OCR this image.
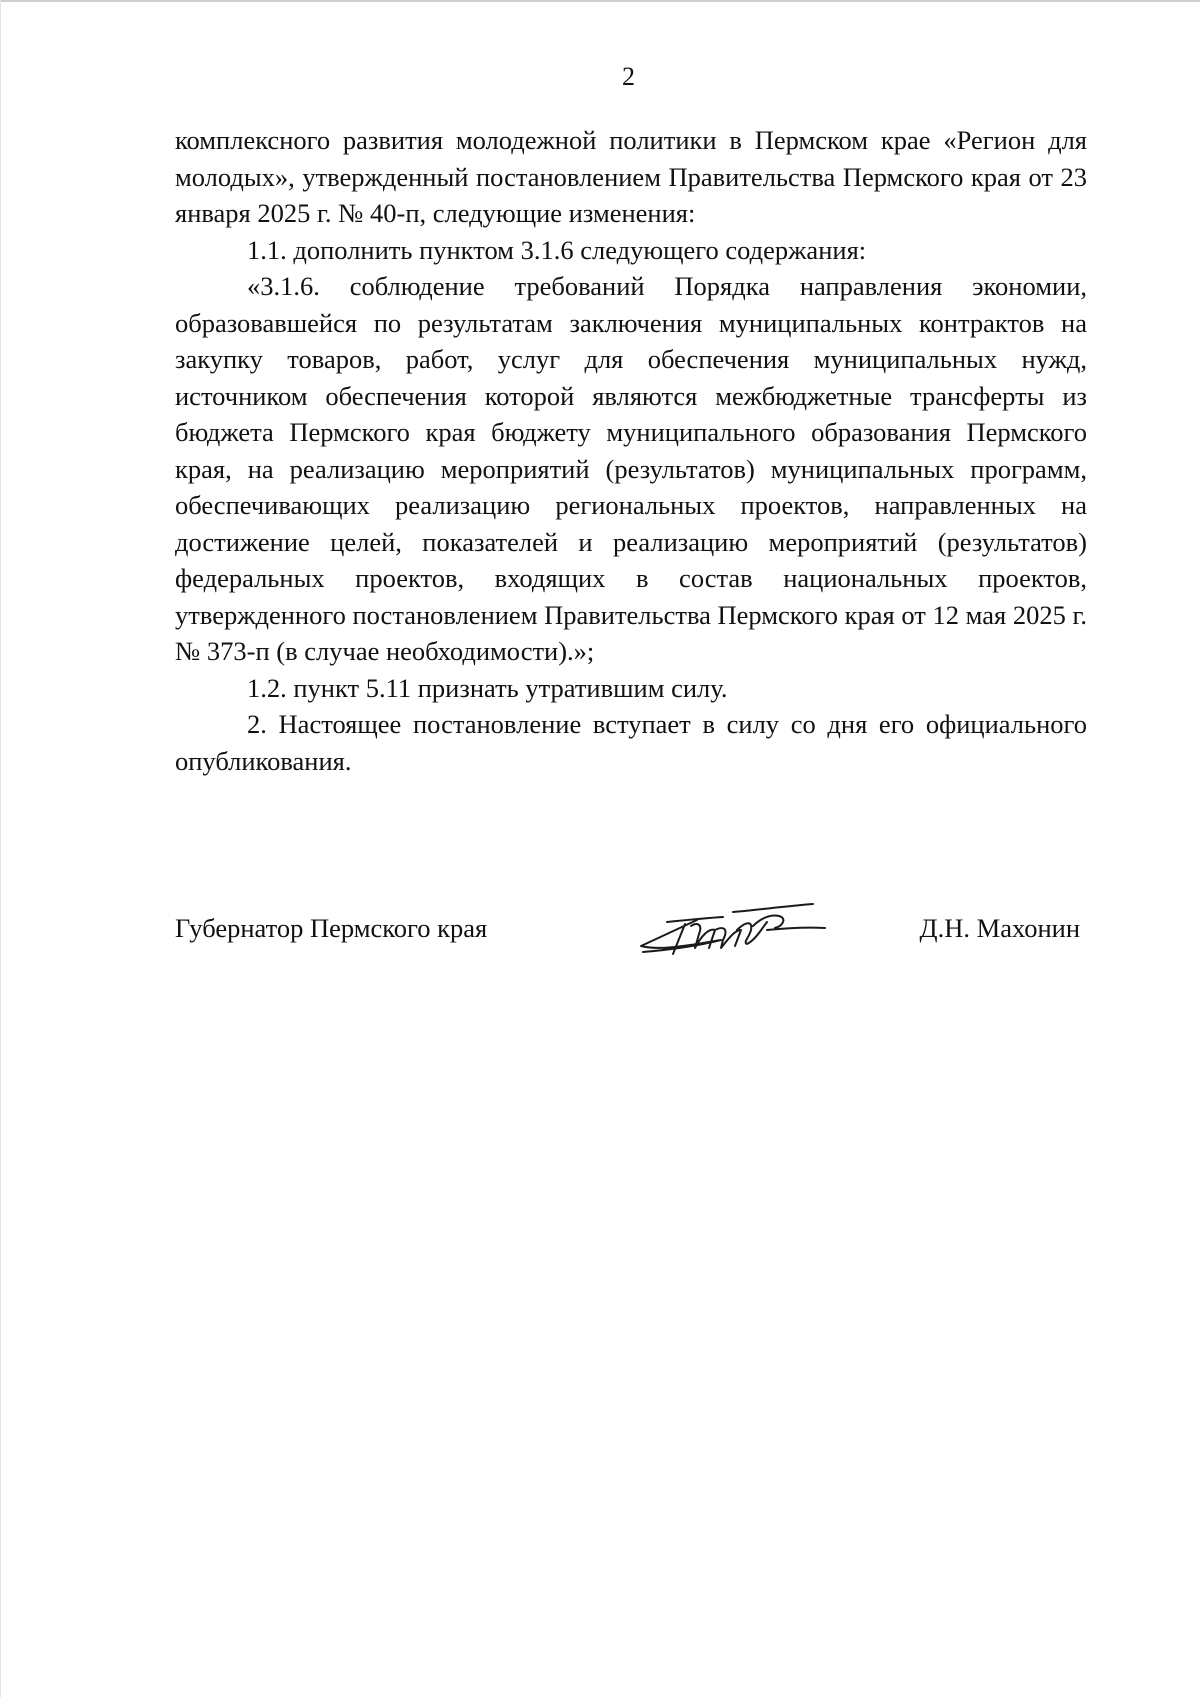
2

комплексного развития молодежной политики в Пермском крае «Регион для молодых», утвержденный постановлением Правительства Пермского края от 23 января 2025 г. № 40-п, следующие изменения:

1.1. дополнить пунктом 3.1.6 следующего содержания:

«3.1.6. соблюдение требований Порядка направления экономии, образовавшейся по результатам заключения муниципальных контрактов на закупку товаров, работ, услуг для обеспечения муниципальных нужд, источником обеспечения которой являются межбюджетные трансферты из бюджета Пермского края бюджету муниципального образования Пермского края, на реализацию мероприятий (результатов) муниципальных программ, обеспечивающих реализацию региональных проектов, направленных на достижение целей, показателей и реализацию мероприятий (результатов) федеральных проектов, входящих в состав национальных проектов, утвержденного постановлением Правительства Пермского края от 12 мая 2025 г. № 373-п (в случае необходимости).»;

1.2. пункт 5.11 признать утратившим силу.

2. Настоящее постановление вступает в силу со дня его официального опубликования.

Губернатор Пермского края	Д.Н. Махонин
